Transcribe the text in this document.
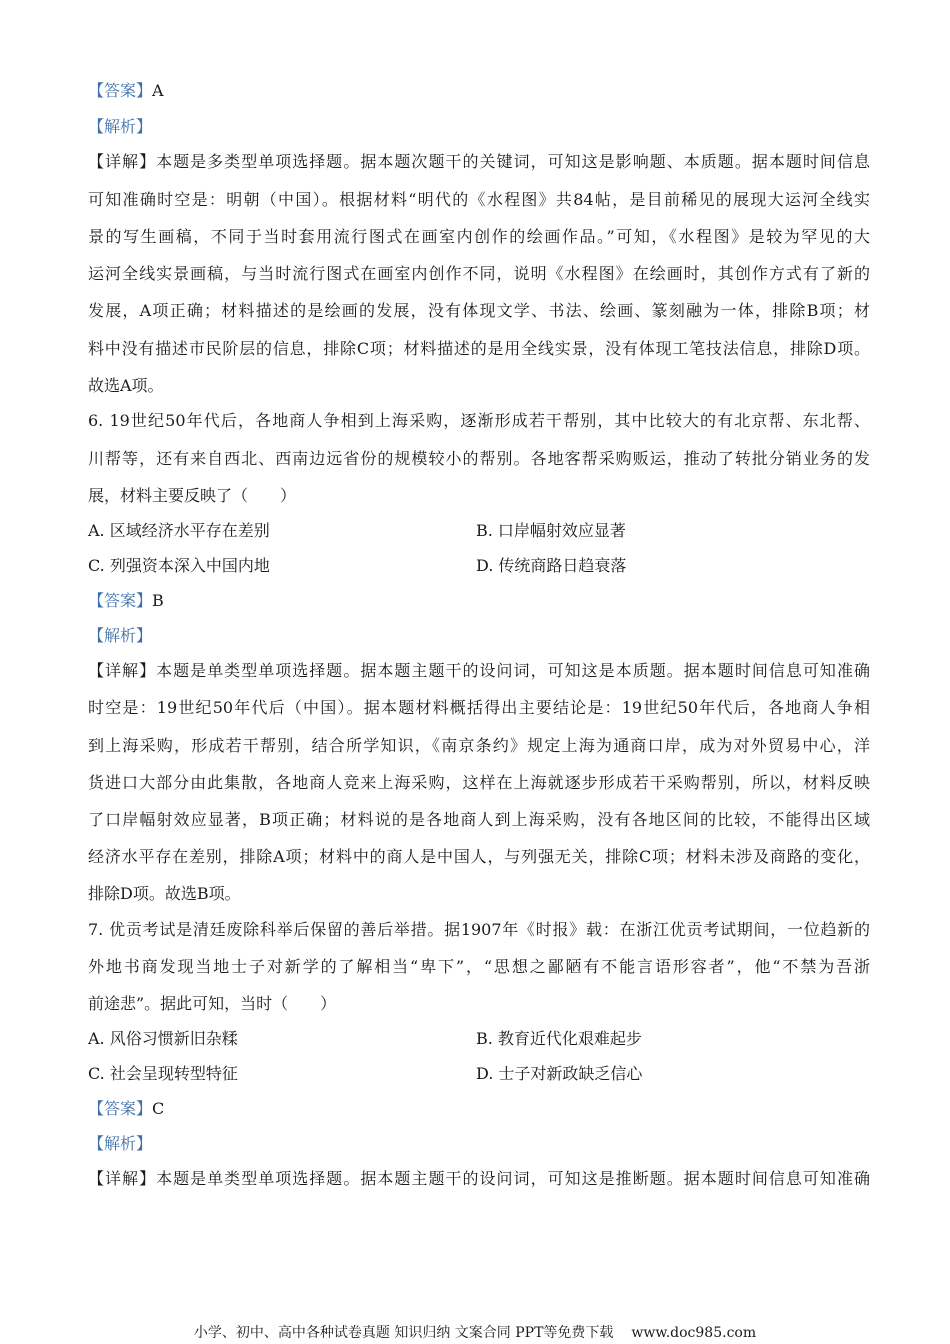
【答案】A
【解析】
【详解】本题是多类型单项选择题。据本题次题干的关键词，可知这是影响题、本质题。据本题时间信息
可知准确时空是：明朝（中国）。根据材料“明代的《水程图》共84帖，是目前稀见的展现大运河全线实
景的写生画稿，不同于当时套用流行图式在画室内创作的绘画作品。”可知，《水程图》是较为罕见的大
运河全线实景画稿，与当时流行图式在画室内创作不同，说明《水程图》在绘画时，其创作方式有了新的
发展，A项正确；材料描述的是绘画的发展，没有体现文学、书法、绘画、篆刻融为一体，排除B项；材
料中没有描述市民阶层的信息，排除C项；材料描述的是用全线实景，没有体现工笔技法信息，排除D项。
故选A项。
6. 19世纪50年代后，各地商人争相到上海采购，逐渐形成若干帮别，其中比较大的有北京帮、东北帮、
川帮等，还有来自西北、西南边远省份的规模较小的帮别。各地客帮采购贩运，推动了转批分销业务的发
展，材料主要反映了（　　）
A. 区域经济水平存在差别	B. 口岸幅射效应显著
C. 列强资本深入中国内地	D. 传统商路日趋衰落
【答案】B
【解析】
【详解】本题是单类型单项选择题。据本题主题干的设问词，可知这是本质题。据本题时间信息可知准确
时空是：19世纪50年代后（中国）。据本题材料概括得出主要结论是：19世纪50年代后，各地商人争相
到上海采购，形成若干帮别，结合所学知识，《南京条约》规定上海为通商口岸，成为对外贸易中心，洋
货进口大部分由此集散，各地商人竞来上海采购，这样在上海就逐步形成若干采购帮别，所以，材料反映
了口岸幅射效应显著，B项正确；材料说的是各地商人到上海采购，没有各地区间的比较，不能得出区域
经济水平存在差别，排除A项；材料中的商人是中国人，与列强无关，排除C项；材料未涉及商路的变化，
排除D项。故选B项。
7. 优贡考试是清廷废除科举后保留的善后举措。据1907年《时报》载：在浙江优贡考试期间，一位趋新的
外地书商发现当地士子对新学的了解相当“卑下”，“思想之鄙陋有不能言语形容者”，他“不禁为吾浙
前途悲”。据此可知，当时（　　）
A. 风俗习惯新旧杂糅	B. 教育近代化艰难起步
C. 社会呈现转型特征	D. 士子对新政缺乏信心
【答案】C
【解析】
【详解】本题是单类型单项选择题。据本题主题干的设问词，可知这是推断题。据本题时间信息可知准确
小学、初中、高中各种试卷真题 知识归纳 文案合同 PPT等免费下载 www.doc985.com
